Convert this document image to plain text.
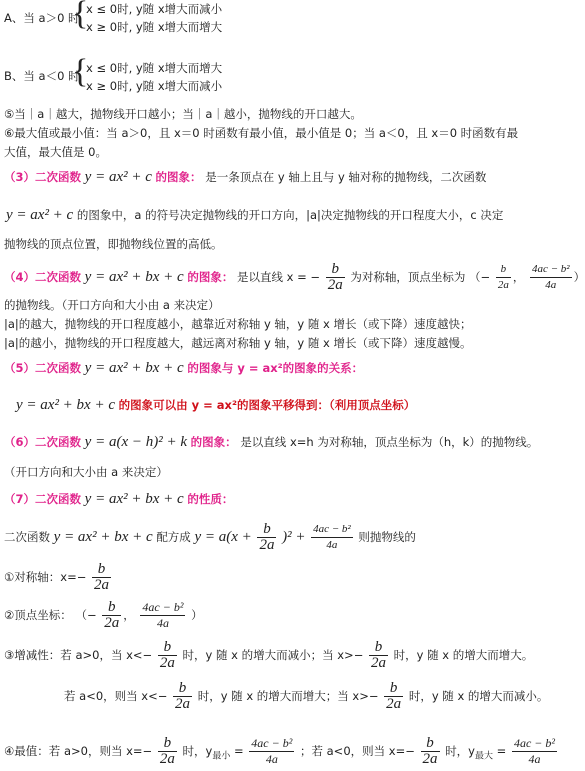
A、当 a＞0 时
{
x ≤ 0时, y随 x增大而减小
x ≥ 0时, y随 x增大而增大
B、当 a＜0 时
{
x ≤ 0时, y随 x增大而增大
x ≥ 0时, y随 x增大而减小
⑤当｜a｜越大，抛物线开口越小；当｜a｜越小，抛物线的开口越大。
⑥最大值或最小值：当 a＞0，且 x＝0 时函数有最小值，最小值是 0；当 a＜0，且 x＝0 时函数有最
大值，最大值是 0。
（3）二次函数 y = ax² + c 的图象： 是一条顶点在 y 轴上且与 y 轴对称的抛物线，二次函数
y = ax² + c 的图象中，a 的符号决定抛物线的开口方向，|a|决定抛物线的开口程度大小，c 决定
抛物线的顶点位置，即抛物线位置的高低。
（4）二次函数 y = ax² + bx + c 的图象： 是以直线 x = − $\frac{b}{2a}$ 为对称轴，顶点坐标为 （− $\frac{b}{2a}$ ， $\frac{\text{4ac − b²}}{4a}$ ）
的抛物线。（开口方向和大小由 a 来决定）
|a|的越大，抛物线的开口程度越小，越靠近对称轴 y 轴，y 随 x 增长（或下降）速度越快；
|a|的越小，抛物线的开口程度越大，越远离对称轴 y 轴，y 随 x 增长（或下降）速度越慢。
（5）二次函数 y = ax² + bx + c 的图象与 y = ax²的图象的关系：
y = ax² + bx + c 的图象可以由 y = ax²的图象平移得到：（利用顶点坐标）
（6）二次函数 y = a(x − h)² + k 的图象： 是以直线 x=h 为对称轴，顶点坐标为（h，k）的抛物线。
（开口方向和大小由 a 来决定）
（7）二次函数 y = ax² + bx + c 的性质：
二次函数 y = ax² + bx + c 配方成 $y = a(x + \frac{b}{2a} )^2 + \frac{\text{4ac − b²}}{4a}$ 则抛物线的
①对称轴：$x=- \frac{b}{2a}$
②顶点坐标： （− $\frac{b}{2a}$ ， $\frac{\text{4ac − b²}}{4a}$ ）
③增减性：若 a>0，当 $x<- \frac{b}{2a}$ 时，y 随 x 的增大而减小；当 $x>- \frac{b}{2a}$ 时，y 随 x 的增大而增大。
若 a<0，则当 $x<- \frac{b}{2a}$ 时，y 随 x 的增大而增大；当 $x>- \frac{b}{2a}$ 时，y 随 x 的增大而减小。
④最值：若 a>0，则当 $x=- \frac{b}{2a}$ 时，$y_{最小} = \frac{\text{4ac − b²}}{4a}$ ；若 a<0，则当 $x=- \frac{b}{2a}$ 时，$y_{最大} = \frac{\text{4ac − b²}}{4a}$
